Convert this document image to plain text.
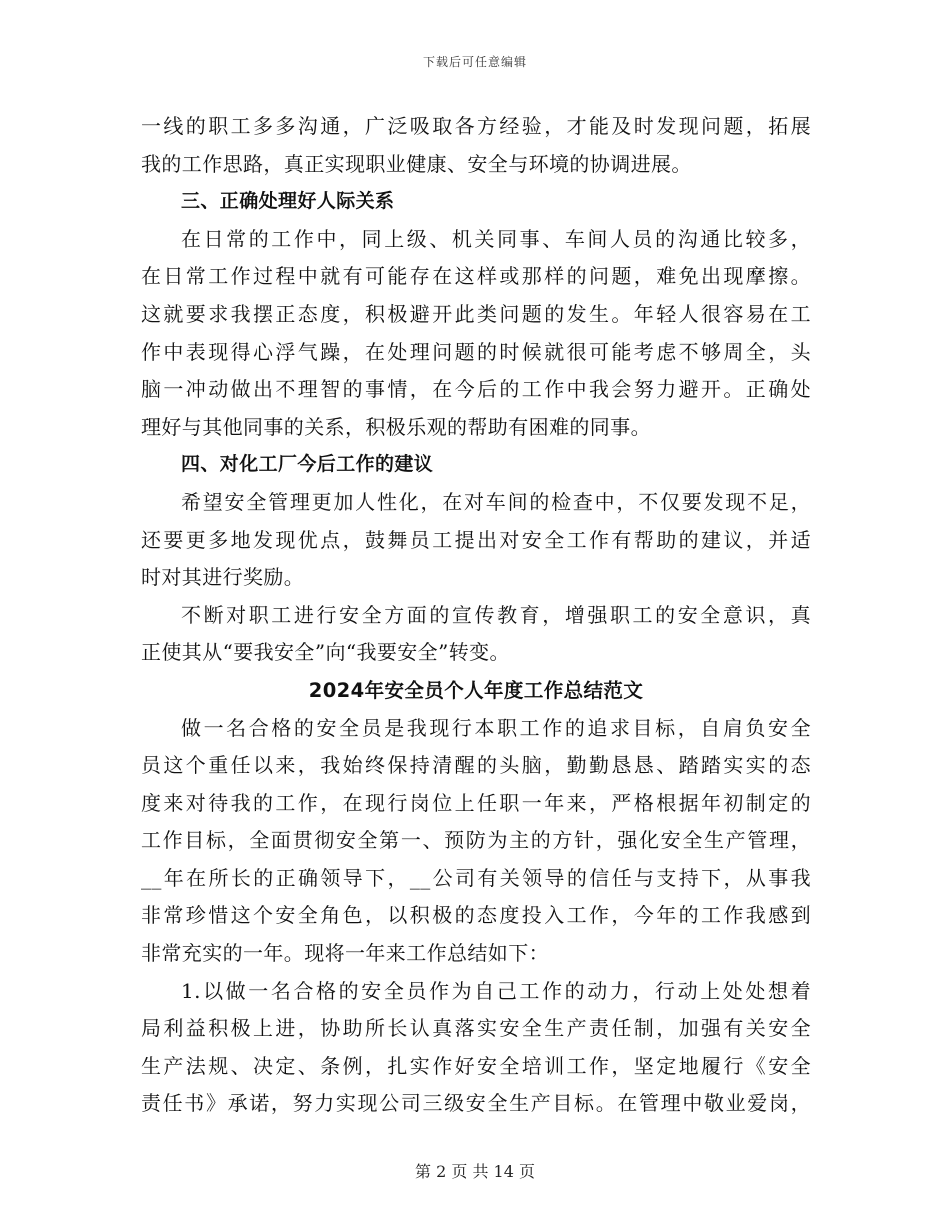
下载后可任意编辑
一线的职工多多沟通，广泛吸取各方经验，才能及时发现问题，拓展
我的工作思路，真正实现职业健康、安全与环境的协调进展。
三、正确处理好人际关系
在日常的工作中，同上级、机关同事、车间人员的沟通比较多，
在日常工作过程中就有可能存在这样或那样的问题，难免出现摩擦。
这就要求我摆正态度，积极避开此类问题的发生。年轻人很容易在工
作中表现得心浮气躁，在处理问题的时候就很可能考虑不够周全，头
脑一冲动做出不理智的事情，在今后的工作中我会努力避开。正确处
理好与其他同事的关系，积极乐观的帮助有困难的同事。
四、对化工厂今后工作的建议
希望安全管理更加人性化，在对车间的检查中，不仅要发现不足，
还要更多地发现优点，鼓舞员工提出对安全工作有帮助的建议，并适
时对其进行奖励。
不断对职工进行安全方面的宣传教育，增强职工的安全意识，真
正使其从“要我安全”向“我要安全”转变。
2024年安全员个人年度工作总结范文
做一名合格的安全员是我现行本职工作的追求目标，自肩负安全
员这个重任以来，我始终保持清醒的头脑，勤勤恳恳、踏踏实实的态
度来对待我的工作，在现行岗位上任职一年来，严格根据年初制定的
工作目标，全面贯彻安全第一、预防为主的方针，强化安全生产管理，
__年在所长的正确领导下，__公司有关领导的信任与支持下，从事我
非常珍惜这个安全角色，以积极的态度投入工作，今年的工作我感到
非常充实的一年。现将一年来工作总结如下：
1.以做一名合格的安全员作为自己工作的动力，行动上处处想着
局利益积极上进，协助所长认真落实安全生产责任制，加强有关安全
生产法规、决定、条例，扎实作好安全培训工作，坚定地履行《安全
责任书》承诺，努力实现公司三级安全生产目标。在管理中敬业爱岗，
第 2 页 共 14 页
